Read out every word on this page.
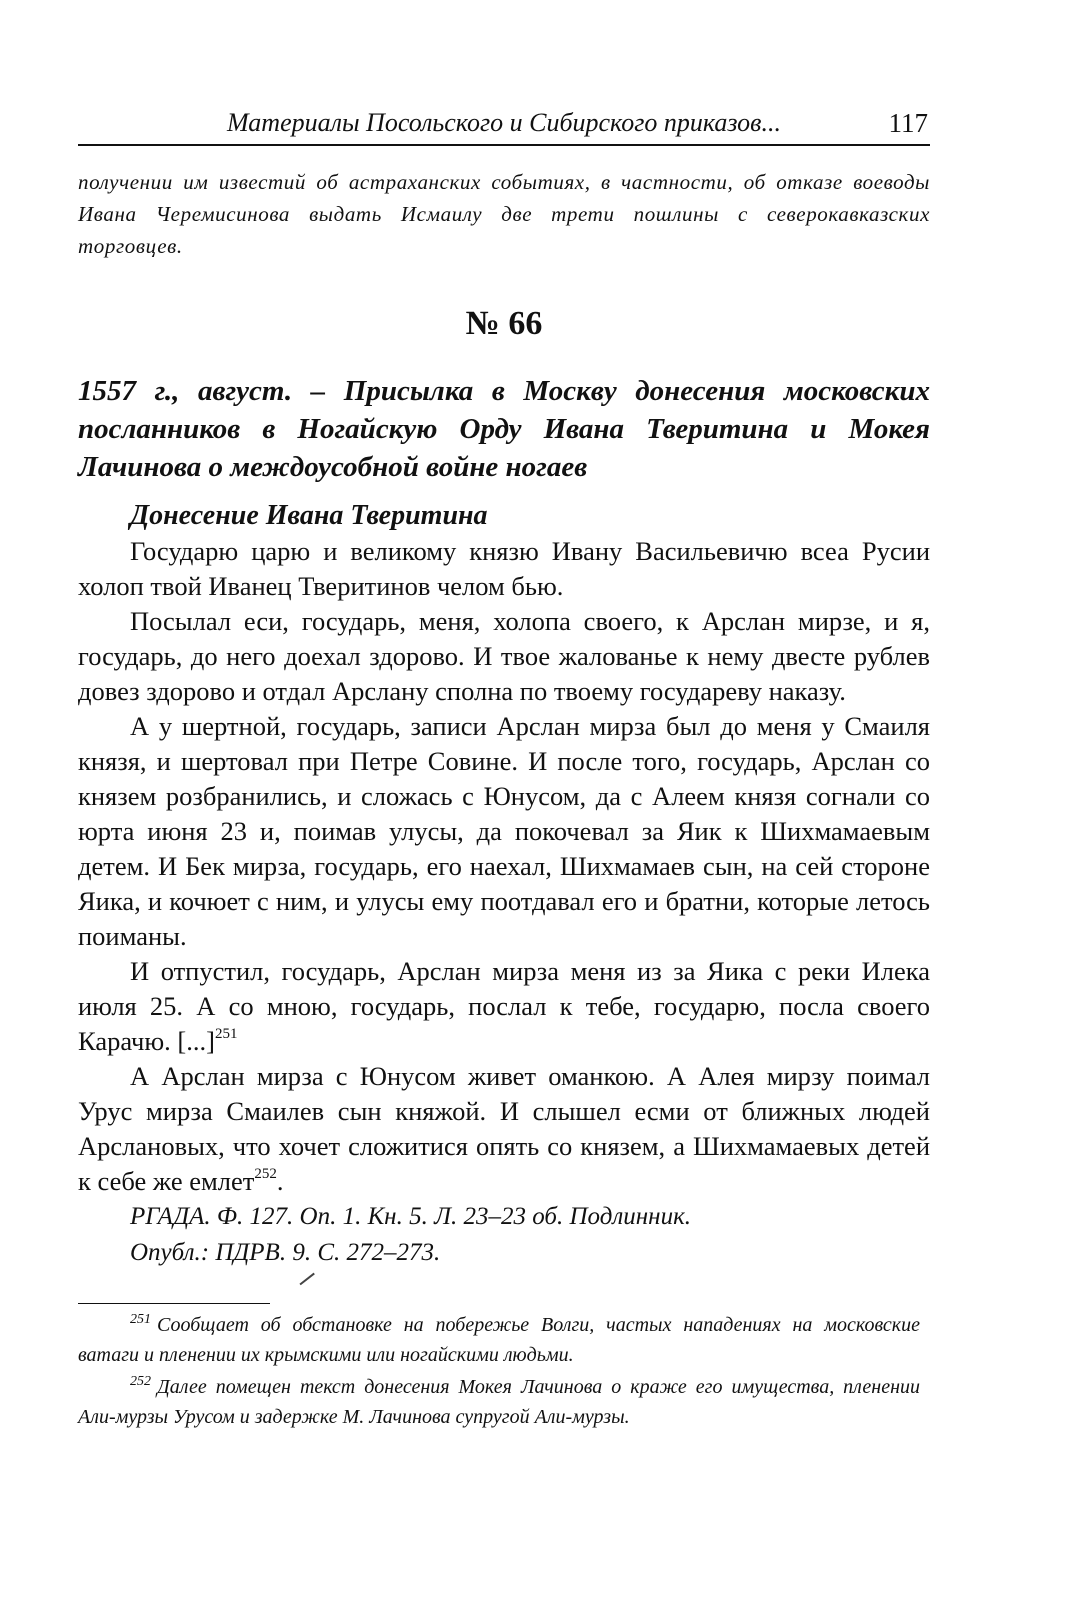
Материалы Посольского и Сибирского приказов...	117

получении им известий об астраханских событиях, в частности, об отказе воеводы Ивана Черемисинова выдать Исмаилу две трети пошлины с северокавказских торговцев.

№ 66
1557 г., август. – Присылка в Москву донесения московских посланников в Ногайскую Орду Ивана Тверитина и Мокея Лачинова о междоусобной войне ногаев
Донесение Ивана Тверитина

Государю царю и великому князю Ивану Васильевичю всеа Русии холоп твой Иванец Тверитинов челом бью.

Посылал еси, государь, меня, холопа своего, к Арслан мирзе, и я, государь, до него доехал здорово. И твое жалованье к нему двесте рублев довез здорово и отдал Арслану сполна по твоему государеву наказу.

А у шертной, государь, записи Арслан мирза был до меня у Смаиля князя, и шертовал при Петре Совине. И после того, государь, Арслан со князем розбранились, и сложась с Юнусом, да с Алеем князя согнали со юрта июня 23 и, поимав улусы, да покочевал за Яик к Шихмамаевым детем. И Бек мирза, государь, его наехал, Шихмамаев сын, на сей стороне Яика, и кочюет с ним, и улусы ему поотдавал его и братни, которые летось поиманы.

И отпустил, государь, Арслан мирза меня из за Яика с реки Илека июля 25. А со мною, государь, послал к тебе, государю, посла своего Карачю. [...]$^{251}$

А Арслан мирза с Юнусом живет оманкою. А Алея мирзу поимал Урус мирза Смаилев сын княжой. И слышел есми от ближных людей Арслановых, что хочет сложитися опять со князем, а Шихмамаевых детей к себе же емлет$^{252}$.

РГАДА. Ф. 127. Оп. 1. Кн. 5. Л. 23–23 об. Подлинник.
Опубл.: ПДРВ. 9. С. 272–273.

$^{251}$ Сообщает об обстановке на побережье Волги, частых нападениях на московские ватаги и пленении их крымскими или ногайскими людьми.

$^{252}$ Далее помещен текст донесения Мокея Лачинова о краже его имущества, пленении Али-мурзы Урусом и задержке М. Лачинова супругой Али-мурзы.
